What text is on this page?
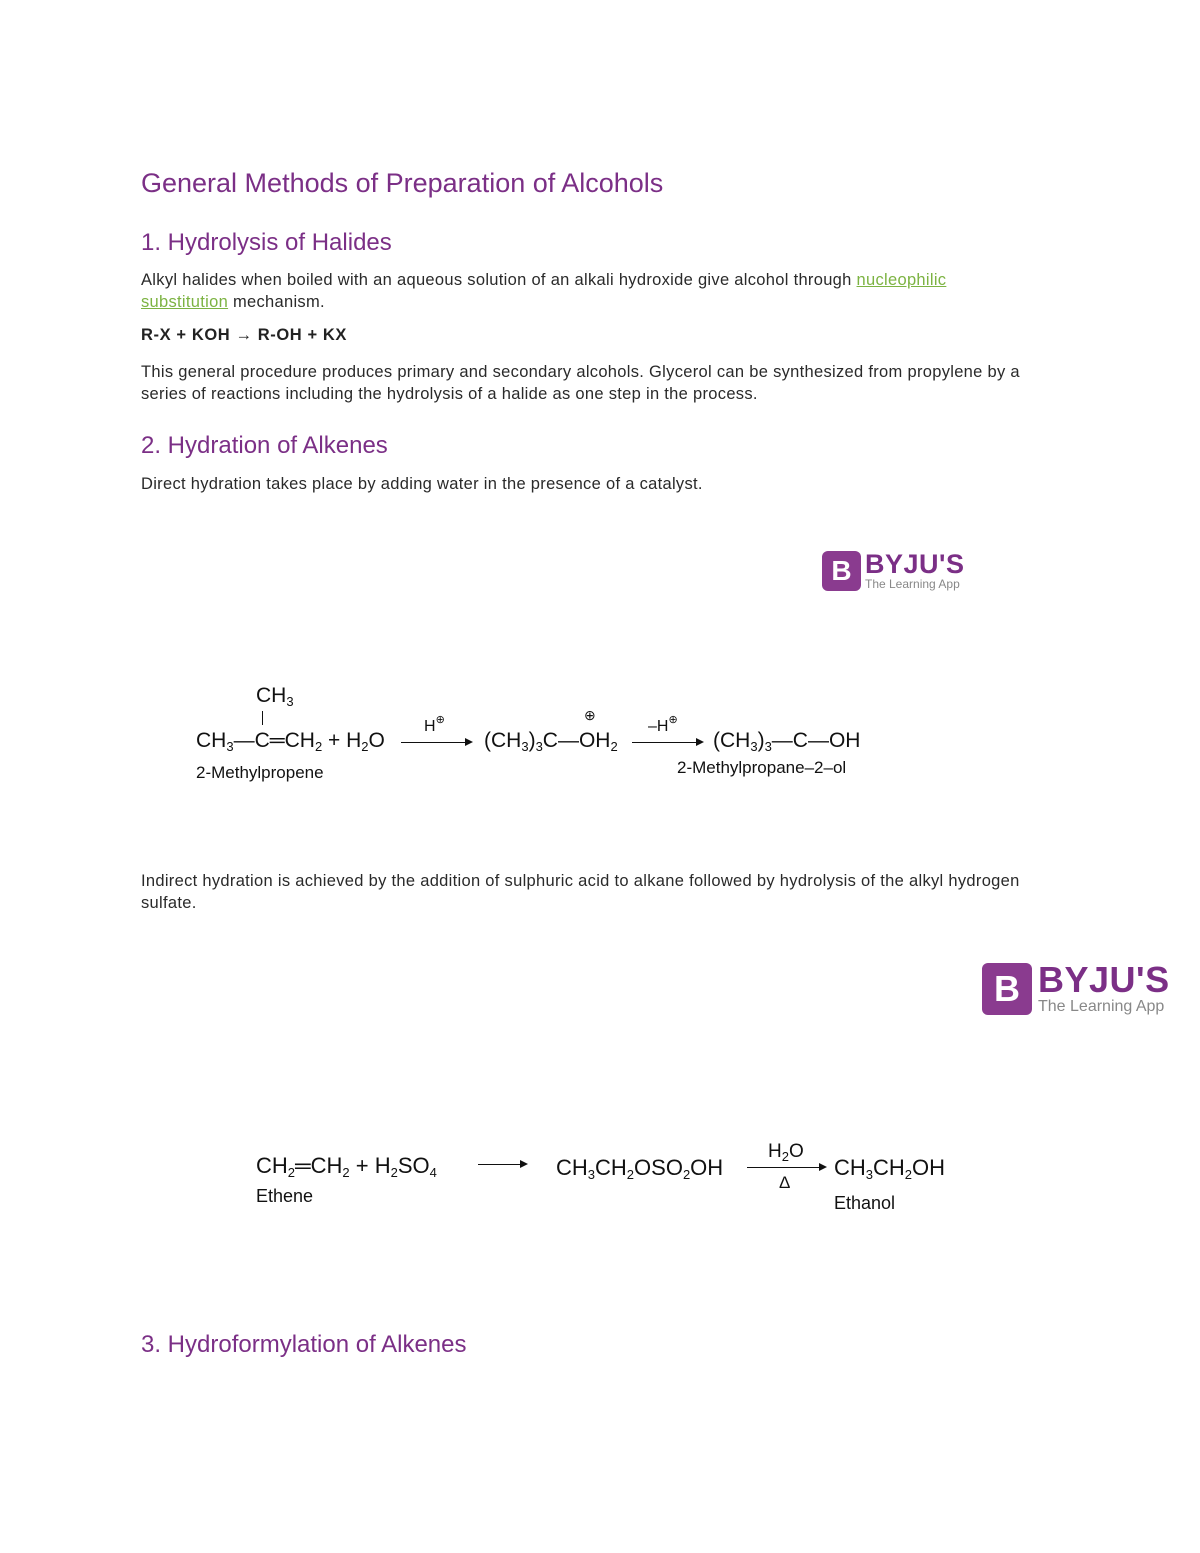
General Methods of Preparation of Alcohols
1. Hydrolysis of Halides

Alkyl halides when boiled with an aqueous solution of an alkali hydroxide give alcohol through nucleophilic
substitution mechanism.

R-X + KOH → R-OH + KX

This general procedure produces primary and secondary alcohols. Glycerol can be synthesized from propylene by a series of reactions including the hydrolysis of a halide as one step in the process.

2. Hydration of Alkenes

Direct hydration takes place by adding water in the presence of a catalyst.

B BYJU'S
The Learning App
$CH_3$
$CH_3—C═CH_2 + H_2O$
H⊕	⊕
$(CH_3)_3C—OH_2$
–H⊕
$(CH_3)_3—C—OH$
2-Methylpropene	2-Methylpropane–2–ol

Indirect hydration is achieved by the addition of sulphuric acid to alkane followed by hydrolysis of the alkyl hydrogen sulfate.

B BYJU'S
The Learning App
$CH_2═CH_2 + H_2SO_4$	$CH_3CH_2OSO_2OH$
$H_2O$
Δ
$CH_3CH_2OH$
Ethene	Ethanol
3. Hydroformylation of Alkenes
